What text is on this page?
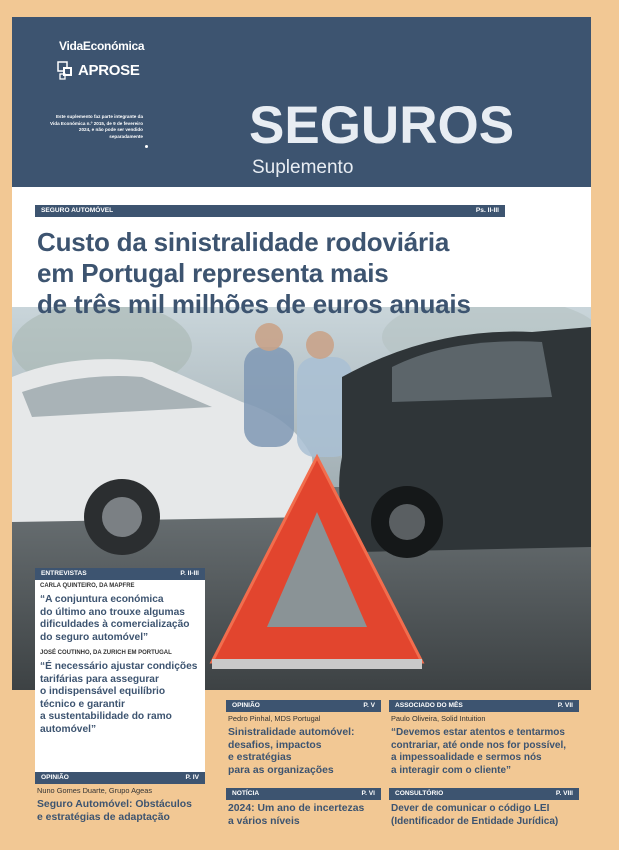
VidaEconómica
APROSE
Este suplemento faz parte integrante da Vida Económica n.º 2015, de 9 de fevereiro 2024, e não pode ser vendido separadamente SEGUROS
Suplemento
SEGURO AUTOMÓVEL	Ps. II-III
Custo da sinistralidade rodoviária
em Portugal representa mais
de três mil milhões de euros anuais
ENTREVISTAS	P. II-III
CARLA QUINTEIRO, DA MAPFRE
“A conjuntura económica
do último ano trouxe algumas
dificuldades à comercialização
do seguro automóvel”
JOSÉ COUTINHO, DA ZURICH EM PORTUGAL
“É necessário ajustar condições
tarifárias para assegurar
o indispensável equilíbrio
técnico e garantir
a sustentabilidade do ramo
automóvel”
OPINIÃO	P. IV
Nuno Gomes Duarte, Grupo Ageas
Seguro Automóvel: Obstáculos
e estratégias de adaptação
OPINIÃO	P. V
Pedro Pinhal, MDS Portugal
Sinistralidade automóvel:
desafios, impactos
e estratégias
para as organizações
NOTÍCIA	P. VI
2024: Um ano de incertezas
a vários níveis
ASSOCIADO DO MÊS	P. VII
Paulo Oliveira, Solid Intuition
“Devemos estar atentos e tentarmos
contrariar, até onde nos for possível,
a impessoalidade e sermos nós
a interagir com o cliente”
CONSULTÓRIO	P. VIII
Dever de comunicar o código LEI
(Identificador de Entidade Jurídica)
